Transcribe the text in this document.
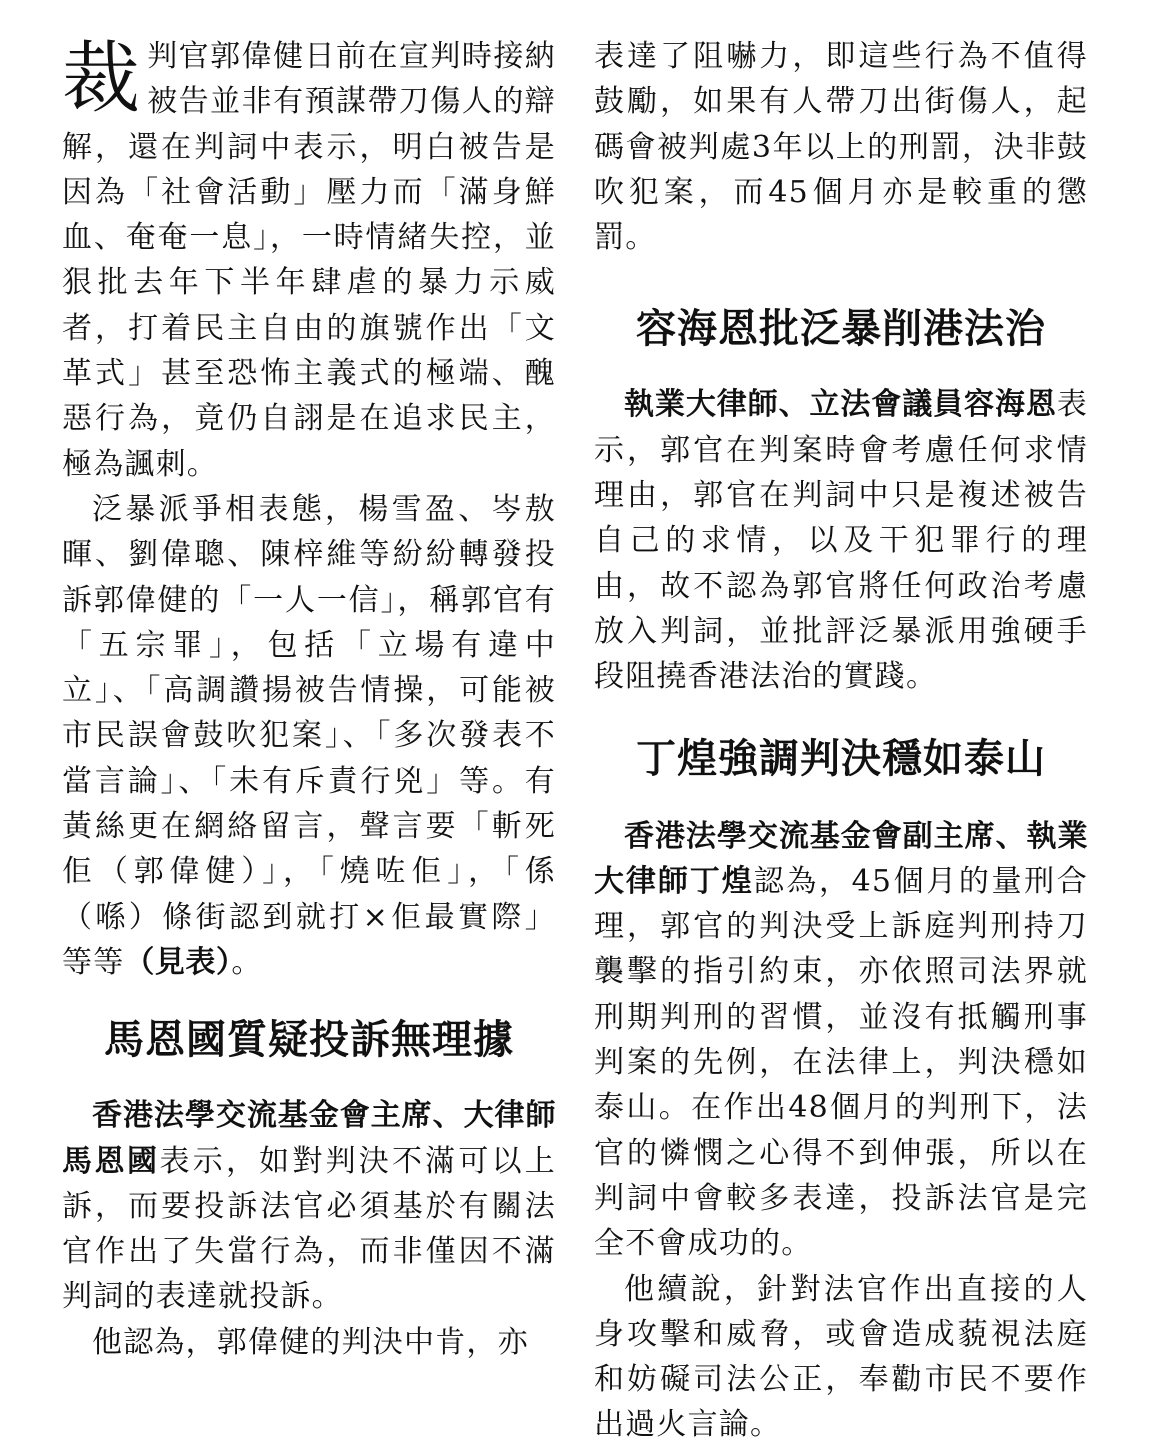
裁判官郭偉健日前在宣判時接納被告並非有預謀帶刀傷人的辯解，還在判詞中表示，明白被告是因為「社會活動」壓力而「滿身鮮血、奄奄一息」，一時情緒失控，並狠批去年下半年肆虐的暴力示威者，打着民主自由的旗號作出「文革式」甚至恐怖主義式的極端、醜惡行為，竟仍自詡是在追求民主，極為諷刺。

泛暴派爭相表態，楊雪盈、岑敖暉、劉偉聰、陳梓維等紛紛轉發投訴郭偉健的「一人一信」，稱郭官有「五宗罪」，包括「立場有違中立」、「高調讚揚被告情操，可能被市民誤會鼓吹犯案」、「多次發表不當言論」、「未有斥責行兇」等。有黃絲更在網絡留言，聲言要「斬死佢（郭偉健）」，「燒咗佢」，「係（喺）條街認到就打×佢最實際」等等（見表）。

馬恩國質疑投訴無理據

香港法學交流基金會主席、大律師馬恩國表示，如對判決不滿可以上訴，而要投訴法官必須基於有關法官作出了失當行為，而非僅因不滿判詞的表達就投訴。

他認為，郭偉健的判決中肯，亦

表達了阻嚇力，即這些行為不值得鼓勵，如果有人帶刀出街傷人，起碼會被判處3年以上的刑罰，決非鼓吹犯案，而45個月亦是較重的懲罰。

容海恩批泛暴削港法治

執業大律師、立法會議員容海恩表示，郭官在判案時會考慮任何求情理由，郭官在判詞中只是複述被告自己的求情，以及干犯罪行的理由，故不認為郭官將任何政治考慮放入判詞，並批評泛暴派用強硬手段阻撓香港法治的實踐。

丁煌強調判決穩如泰山

香港法學交流基金會副主席、執業大律師丁煌認為，45個月的量刑合理，郭官的判決受上訴庭判刑持刀襲擊的指引約束，亦依照司法界就刑期判刑的習慣，並沒有抵觸刑事判案的先例，在法律上，判決穩如泰山。在作出48個月的判刑下，法官的憐憫之心得不到伸張，所以在判詞中會較多表達，投訴法官是完全不會成功的。

他續說，針對法官作出直接的人身攻擊和威脅，或會造成藐視法庭和妨礙司法公正，奉勸市民不要作出過火言論。
